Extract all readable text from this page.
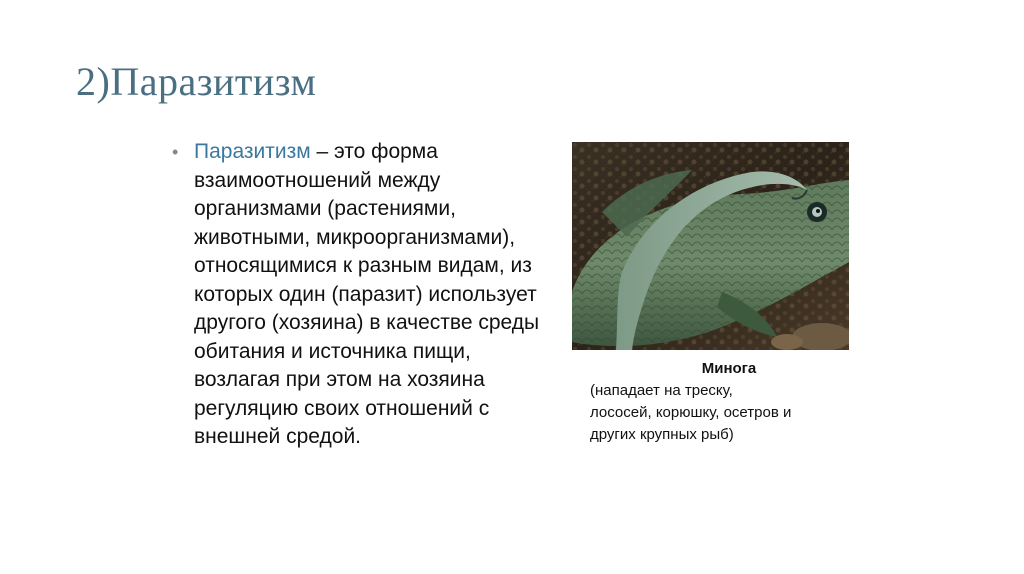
2)Паразитизм
• Паразитизм – это форма взаимоотношений между организмами (растениями, животными, микроорганизмами), относящимися к разным видам, из которых один (паразит) использует другого (хозяина) в качестве среды обитания и источника пищи, возлагая при этом на хозяина регуляцию своих отношений с внешней средой.
Минога
(нападает на треску,
лососей, корюшку, осетров и
других крупных рыб)
